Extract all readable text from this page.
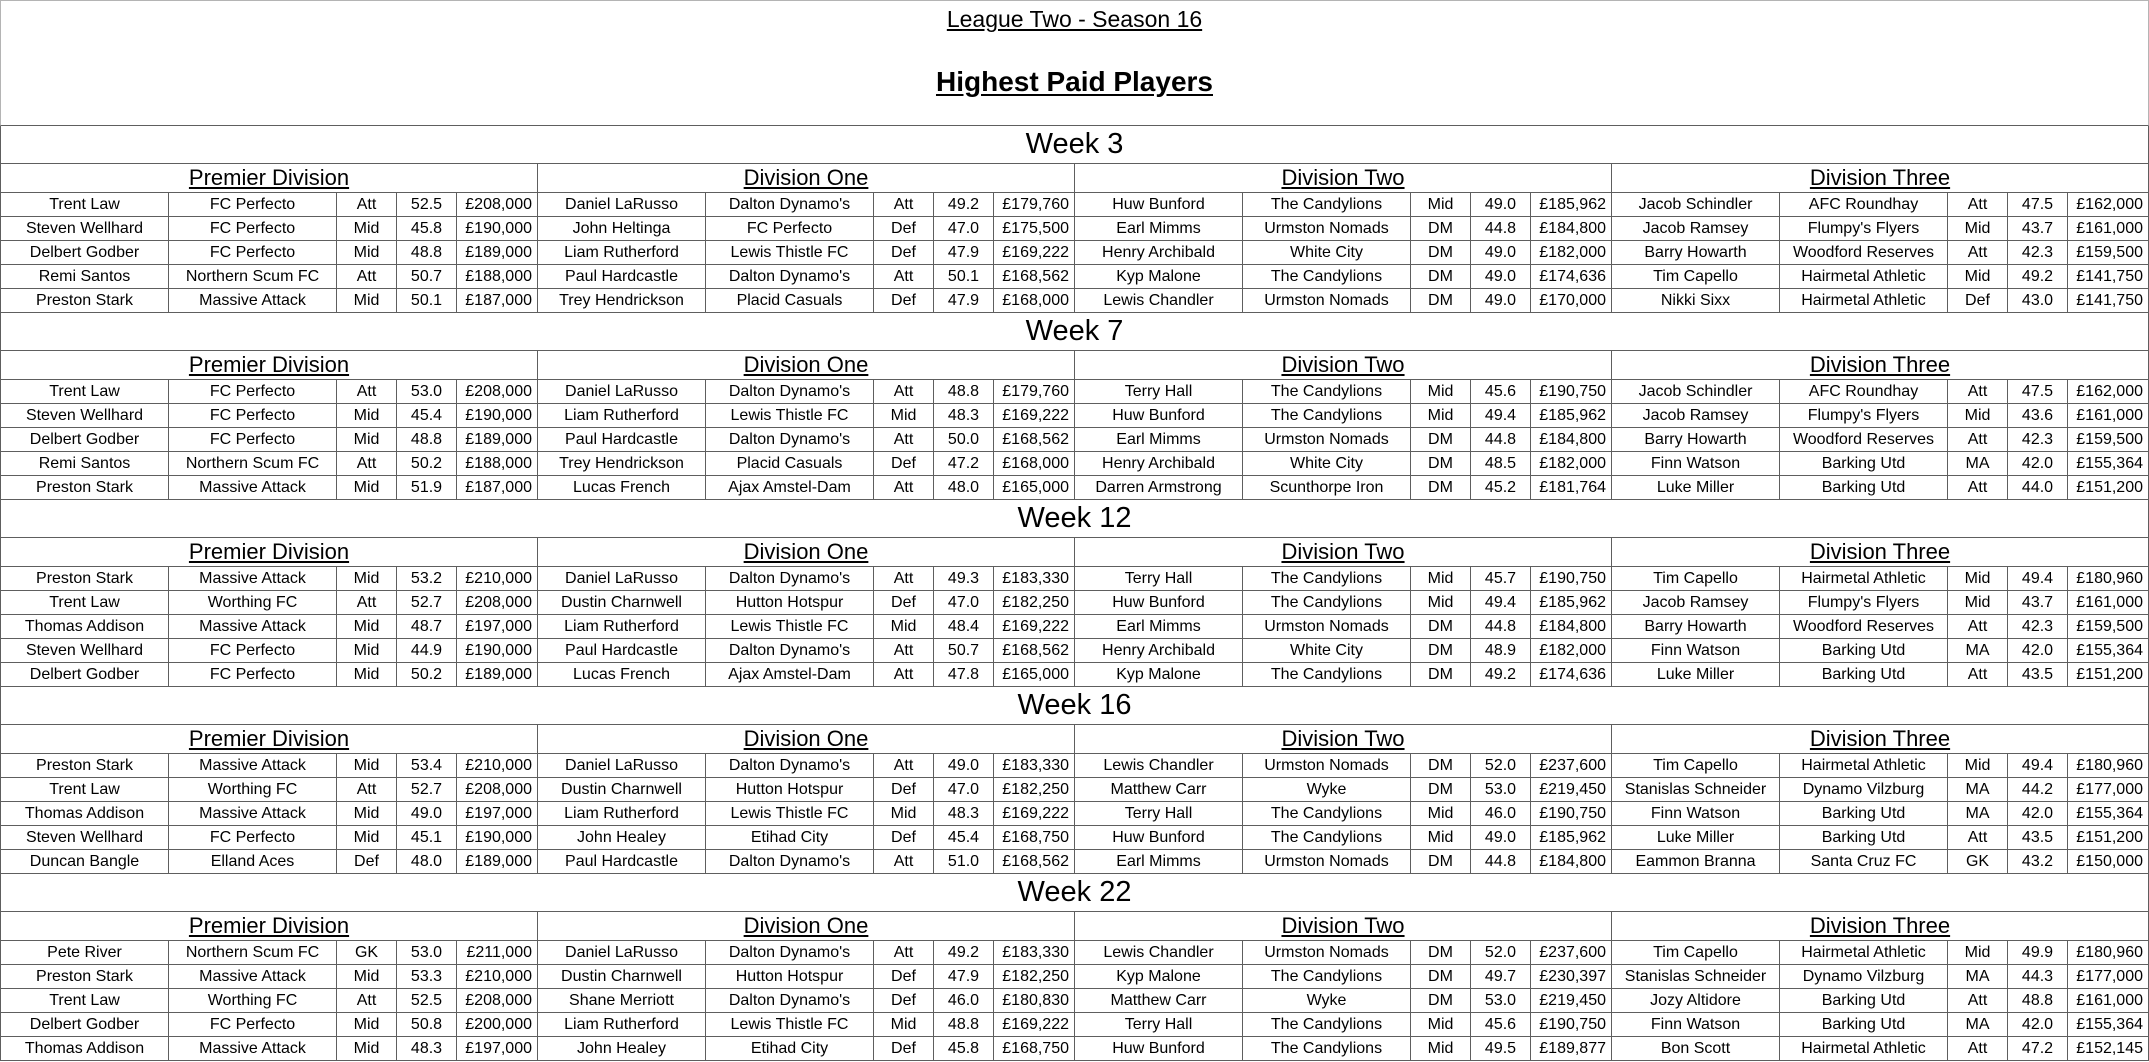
League Two - Season 16
Highest Paid Players
Week 3
Premier Division	Division One	Division Two	Division Three
Trent Law	FC Perfecto	Att	52.5	£208,000	Daniel LaRusso	Dalton Dynamo's	Att	49.2	£179,760	Huw Bunford	The Candylions	Mid	49.0	£185,962	Jacob Schindler	AFC Roundhay	Att	47.5	£162,000
Steven Wellhard	FC Perfecto	Mid	45.8	£190,000	John Heltinga	FC Perfecto	Def	47.0	£175,500	Earl Mimms	Urmston Nomads	DM	44.8	£184,800	Jacob Ramsey	Flumpy's Flyers	Mid	43.7	£161,000
Delbert Godber	FC Perfecto	Mid	48.8	£189,000	Liam Rutherford	Lewis Thistle FC	Def	47.9	£169,222	Henry Archibald	White City	DM	49.0	£182,000	Barry Howarth	Woodford Reserves	Att	42.3	£159,500
Remi Santos	Northern Scum FC	Att	50.7	£188,000	Paul Hardcastle	Dalton Dynamo's	Att	50.1	£168,562	Kyp Malone	The Candylions	DM	49.0	£174,636	Tim Capello	Hairmetal Athletic	Mid	49.2	£141,750
Preston Stark	Massive Attack	Mid	50.1	£187,000	Trey Hendrickson	Placid Casuals	Def	47.9	£168,000	Lewis Chandler	Urmston Nomads	DM	49.0	£170,000	Nikki Sixx	Hairmetal Athletic	Def	43.0	£141,750
Week 7
Premier Division	Division One	Division Two	Division Three
Trent Law	FC Perfecto	Att	53.0	£208,000	Daniel LaRusso	Dalton Dynamo's	Att	48.8	£179,760	Terry Hall	The Candylions	Mid	45.6	£190,750	Jacob Schindler	AFC Roundhay	Att	47.5	£162,000
Steven Wellhard	FC Perfecto	Mid	45.4	£190,000	Liam Rutherford	Lewis Thistle FC	Mid	48.3	£169,222	Huw Bunford	The Candylions	Mid	49.4	£185,962	Jacob Ramsey	Flumpy's Flyers	Mid	43.6	£161,000
Delbert Godber	FC Perfecto	Mid	48.8	£189,000	Paul Hardcastle	Dalton Dynamo's	Att	50.0	£168,562	Earl Mimms	Urmston Nomads	DM	44.8	£184,800	Barry Howarth	Woodford Reserves	Att	42.3	£159,500
Remi Santos	Northern Scum FC	Att	50.2	£188,000	Trey Hendrickson	Placid Casuals	Def	47.2	£168,000	Henry Archibald	White City	DM	48.5	£182,000	Finn Watson	Barking Utd	MA	42.0	£155,364
Preston Stark	Massive Attack	Mid	51.9	£187,000	Lucas French	Ajax Amstel-Dam	Att	48.0	£165,000	Darren Armstrong	Scunthorpe Iron	DM	45.2	£181,764	Luke Miller	Barking Utd	Att	44.0	£151,200
Week 12
Premier Division	Division One	Division Two	Division Three
Preston Stark	Massive Attack	Mid	53.2	£210,000	Daniel LaRusso	Dalton Dynamo's	Att	49.3	£183,330	Terry Hall	The Candylions	Mid	45.7	£190,750	Tim Capello	Hairmetal Athletic	Mid	49.4	£180,960
Trent Law	Worthing FC	Att	52.7	£208,000	Dustin Charnwell	Hutton Hotspur	Def	47.0	£182,250	Huw Bunford	The Candylions	Mid	49.4	£185,962	Jacob Ramsey	Flumpy's Flyers	Mid	43.7	£161,000
Thomas Addison	Massive Attack	Mid	48.7	£197,000	Liam Rutherford	Lewis Thistle FC	Mid	48.4	£169,222	Earl Mimms	Urmston Nomads	DM	44.8	£184,800	Barry Howarth	Woodford Reserves	Att	42.3	£159,500
Steven Wellhard	FC Perfecto	Mid	44.9	£190,000	Paul Hardcastle	Dalton Dynamo's	Att	50.7	£168,562	Henry Archibald	White City	DM	48.9	£182,000	Finn Watson	Barking Utd	MA	42.0	£155,364
Delbert Godber	FC Perfecto	Mid	50.2	£189,000	Lucas French	Ajax Amstel-Dam	Att	47.8	£165,000	Kyp Malone	The Candylions	DM	49.2	£174,636	Luke Miller	Barking Utd	Att	43.5	£151,200
Week 16
Premier Division	Division One	Division Two	Division Three
Preston Stark	Massive Attack	Mid	53.4	£210,000	Daniel LaRusso	Dalton Dynamo's	Att	49.0	£183,330	Lewis Chandler	Urmston Nomads	DM	52.0	£237,600	Tim Capello	Hairmetal Athletic	Mid	49.4	£180,960
Trent Law	Worthing FC	Att	52.7	£208,000	Dustin Charnwell	Hutton Hotspur	Def	47.0	£182,250	Matthew Carr	Wyke	DM	53.0	£219,450	Stanislas Schneider	Dynamo Vilzburg	MA	44.2	£177,000
Thomas Addison	Massive Attack	Mid	49.0	£197,000	Liam Rutherford	Lewis Thistle FC	Mid	48.3	£169,222	Terry Hall	The Candylions	Mid	46.0	£190,750	Finn Watson	Barking Utd	MA	42.0	£155,364
Steven Wellhard	FC Perfecto	Mid	45.1	£190,000	John Healey	Etihad City	Def	45.4	£168,750	Huw Bunford	The Candylions	Mid	49.0	£185,962	Luke Miller	Barking Utd	Att	43.5	£151,200
Duncan Bangle	Elland Aces	Def	48.0	£189,000	Paul Hardcastle	Dalton Dynamo's	Att	51.0	£168,562	Earl Mimms	Urmston Nomads	DM	44.8	£184,800	Eammon Branna	Santa Cruz FC	GK	43.2	£150,000
Week 22
Premier Division	Division One	Division Two	Division Three
Pete River	Northern Scum FC	GK	53.0	£211,000	Daniel LaRusso	Dalton Dynamo's	Att	49.2	£183,330	Lewis Chandler	Urmston Nomads	DM	52.0	£237,600	Tim Capello	Hairmetal Athletic	Mid	49.9	£180,960
Preston Stark	Massive Attack	Mid	53.3	£210,000	Dustin Charnwell	Hutton Hotspur	Def	47.9	£182,250	Kyp Malone	The Candylions	DM	49.7	£230,397	Stanislas Schneider	Dynamo Vilzburg	MA	44.3	£177,000
Trent Law	Worthing FC	Att	52.5	£208,000	Shane Merriott	Dalton Dynamo's	Def	46.0	£180,830	Matthew Carr	Wyke	DM	53.0	£219,450	Jozy Altidore	Barking Utd	Att	48.8	£161,000
Delbert Godber	FC Perfecto	Mid	50.8	£200,000	Liam Rutherford	Lewis Thistle FC	Mid	48.8	£169,222	Terry Hall	The Candylions	Mid	45.6	£190,750	Finn Watson	Barking Utd	MA	42.0	£155,364
Thomas Addison	Massive Attack	Mid	48.3	£197,000	John Healey	Etihad City	Def	45.8	£168,750	Huw Bunford	The Candylions	Mid	49.5	£189,877	Bon Scott	Hairmetal Athletic	Att	47.2	£152,145
